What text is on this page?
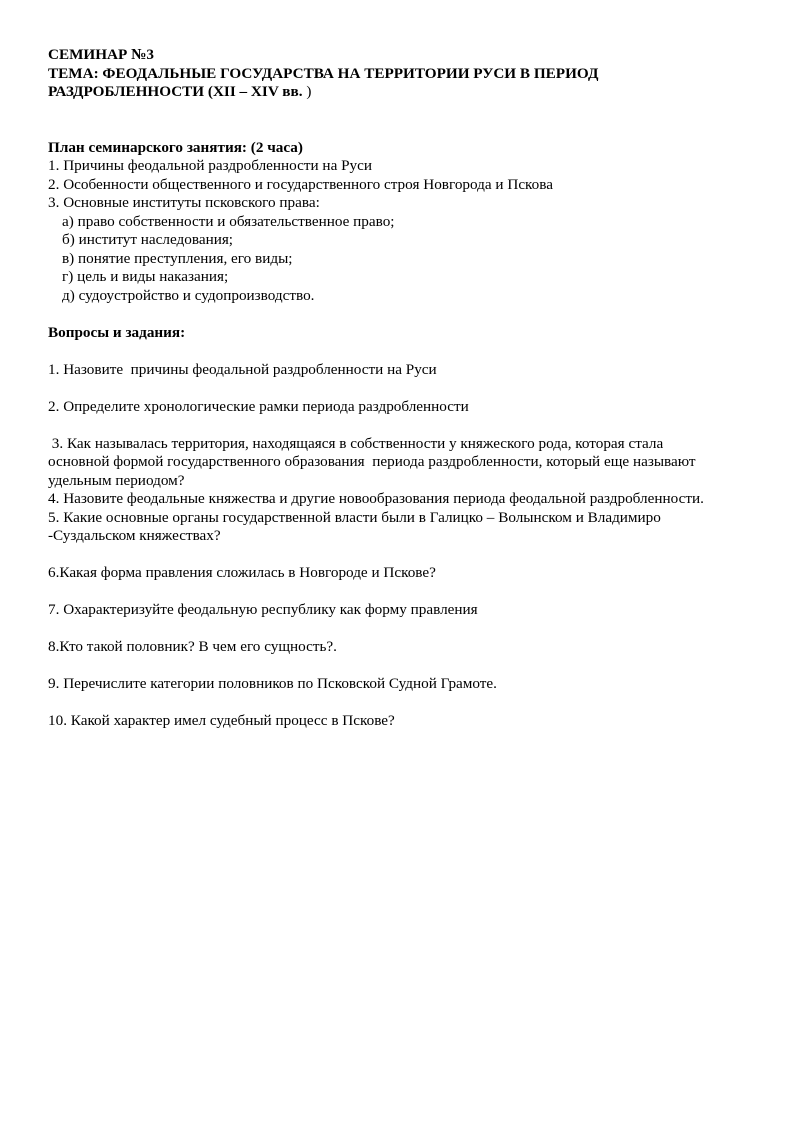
СЕМИНАР №3

ТЕМА: ФЕОДАЛЬНЫЕ ГОСУДАРСТВА НА ТЕРРИТОРИИ РУСИ В ПЕРИОД

РАЗДРОБЛЕННОСТИ (XII – XIV вв. )

План семинарского занятия: (2 часа)

1. Причины феодальной раздробленности на Руси

2. Особенности общественного и государственного строя Новгорода и Пскова

3. Основные институты псковского права:

а) право собственности и обязательственное право;

б) институт наследования;

в) понятие преступления, его виды;

г) цель и виды наказания;

д) судоустройство и судопроизводство.

Вопросы и задания:

1. Назовите  причины феодальной раздробленности на Руси

2. Определите хронологические рамки периода раздробленности

3. Как называлась территория, находящаяся в собственности у княжеского рода, которая стала

основной формой государственного образования  периода раздробленности, который еще называют

удельным периодом?

4. Назовите феодальные княжества и другие новообразования периода феодальной раздробленности.

5. Какие основные органы государственной власти были в Галицко – Волынском и Владимиро

-Суздальском княжествах?

6.Какая форма правления сложилась в Новгороде и Пскове?

7. Охарактеризуйте феодальную республику как форму правления

8.Кто такой половник? В чем его сущность?.

9. Перечислите категории половников по Псковской Судной Грамоте.

10. Какой характер имел судебный процесс в Пскове?
